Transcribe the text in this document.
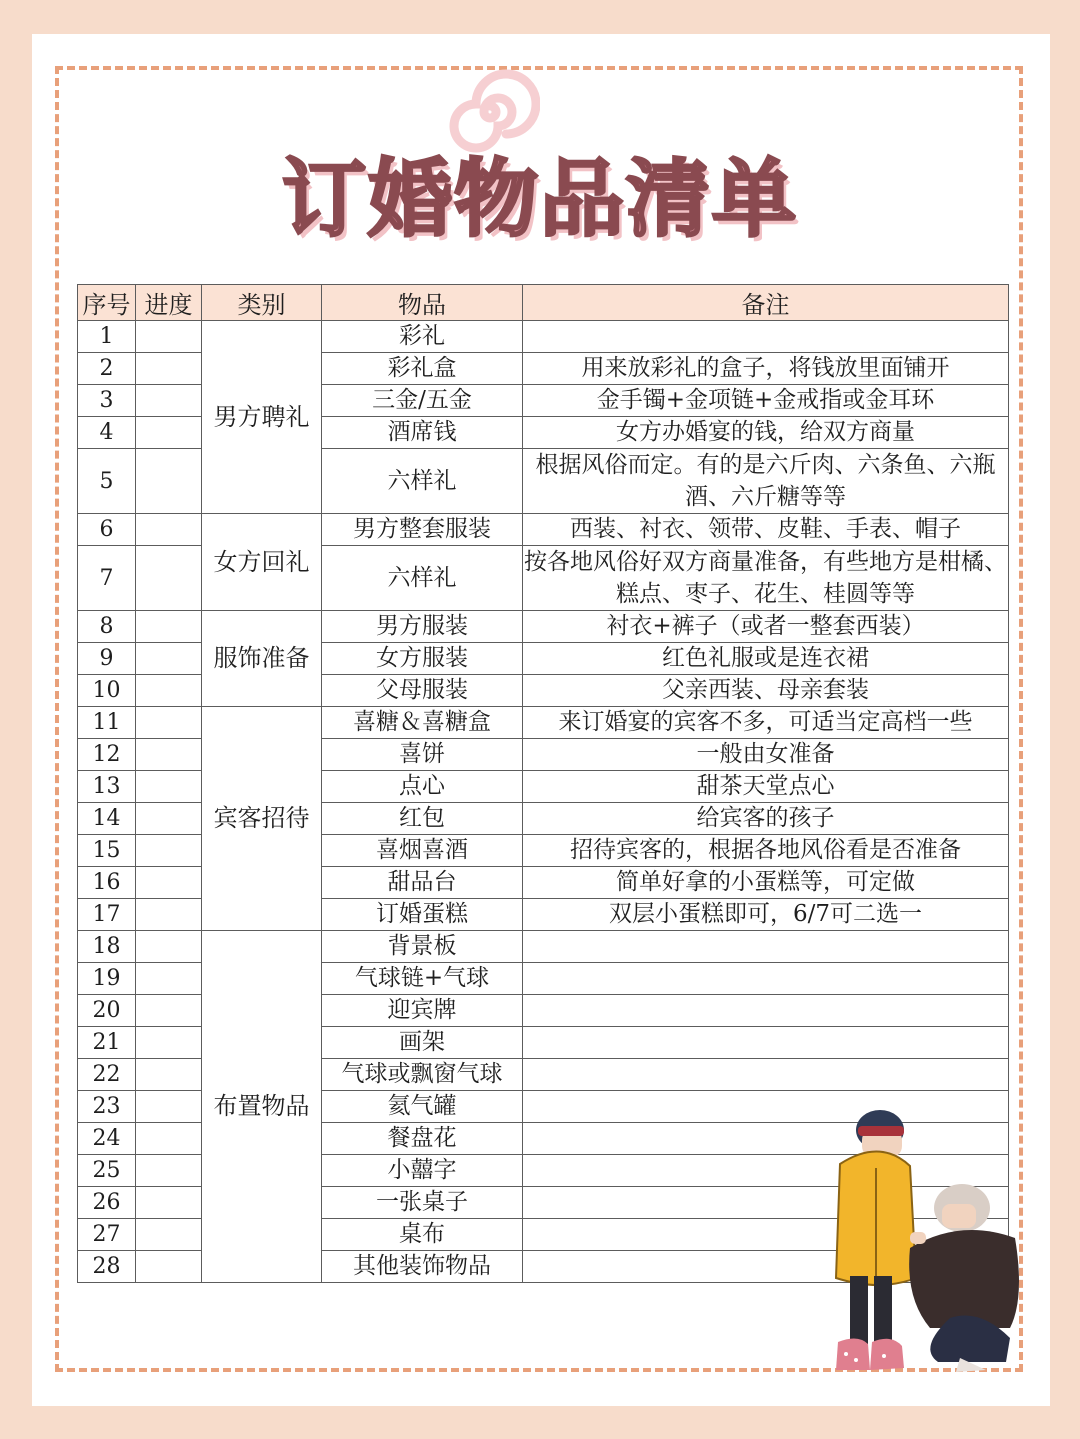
订婚物品清单
序号	进度	类别	物品	备注
1		男方聘礼	彩礼	
2			彩礼盒	用来放彩礼的盒子，将钱放里面铺开
3			三金/五金	金手镯+金项链+金戒指或金耳环
4			酒席钱	女方办婚宴的钱，给双方商量
5			六样礼	根据风俗而定。有的是六斤肉、六条鱼、六瓶酒、六斤糖等等
6		女方回礼	男方整套服装	西装、衬衣、领带、皮鞋、手表、帽子
7			六样礼	按各地风俗好双方商量准备，有些地方是柑橘、糕点、枣子、花生、桂圆等等
8		服饰准备	男方服装	衬衣+裤子（或者一整套西装）
9			女方服装	红色礼服或是连衣裙
10			父母服装	父亲西装、母亲套装
11		宾客招待	喜糖＆喜糖盒	来订婚宴的宾客不多，可适当定高档一些
12			喜饼	一般由女准备
13			点心	甜茶天堂点心
14			红包	给宾客的孩子
15			喜烟喜酒	招待宾客的，根据各地风俗看是否准备
16			甜品台	简单好拿的小蛋糕等，可定做
17			订婚蛋糕	双层小蛋糕即可，6/7可二选一
18		布置物品	背景板	
19			气球链+气球	
20			迎宾牌	
21			画架	
22			气球或飘窗气球	
23			氦气罐	
24			餐盘花	
25			小囍字	
26			一张桌子	
27			桌布	
28			其他装饰物品	
